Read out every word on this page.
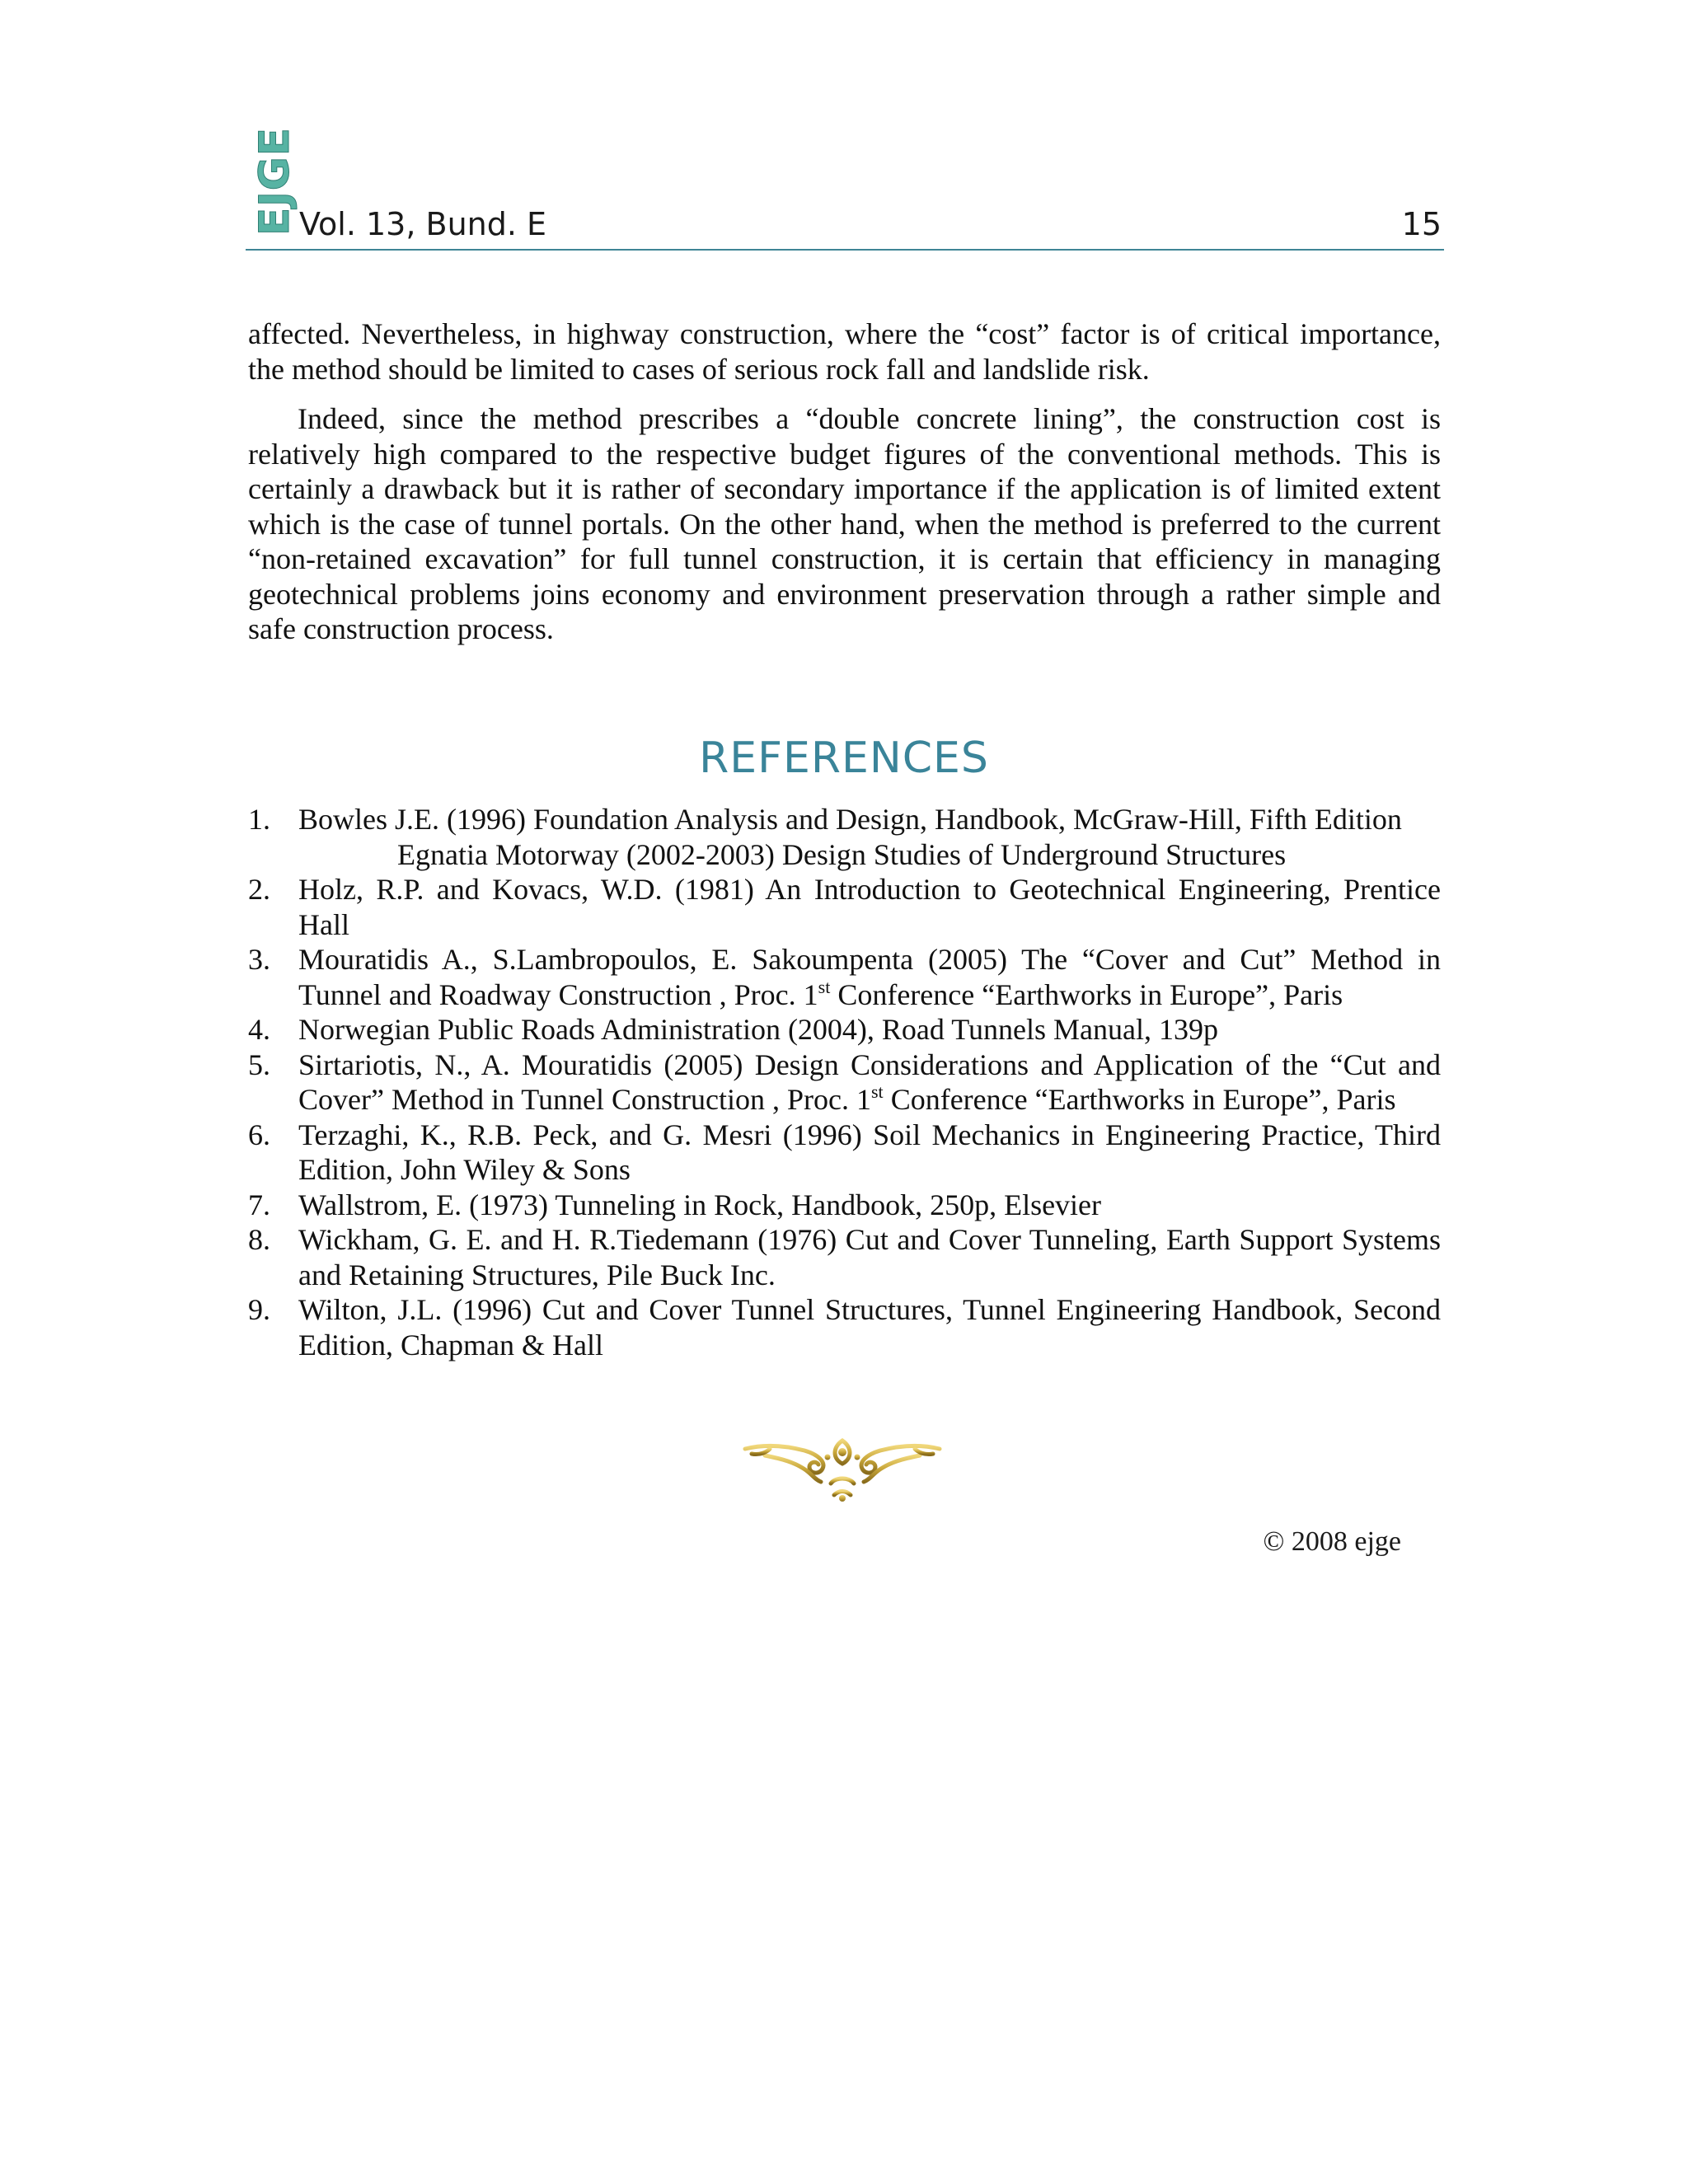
EJGE Vol. 13, Bund. E	15

affected. Nevertheless, in highway construction, where the “cost” factor is of critical importance, the method should be limited to cases of serious rock fall and landslide risk.

Indeed, since the method prescribes a “double concrete lining”, the construction cost is relatively high compared to the respective budget figures of the conventional methods. This is certainly a drawback but it is rather of secondary importance if the application is of limited extent which is the case of tunnel portals. On the other hand, when the method is preferred to the current “non-retained excavation” for full tunnel construction, it is certain that efficiency in managing geotechnical problems joins economy and environment preservation through a rather simple and safe construction process.

REFERENCES
1. Bowles J.E. (1996) Foundation Analysis and Design, Handbook, McGraw-Hill, Fifth Edition
Egnatia Motorway (2002-2003) Design Studies of Underground Structures
2. Holz, R.P. and Kovacs, W.D. (1981) An Introduction to Geotechnical Engineering, Prentice Hall
3. Mouratidis A., S.Lambropoulos, E. Sakoumpenta (2005) The “Cover and Cut” Method in Tunnel and Roadway Construction , Proc. 1st Conference “Earthworks in Europe”, Paris
4. Norwegian Public Roads Administration (2004), Road Tunnels Manual, 139p
5. Sirtariotis, N., A. Mouratidis (2005) Design Considerations and Application of the “Cut and Cover” Method in Tunnel Construction , Proc. 1st Conference “Earthworks in Europe”, Paris
6. Terzaghi, K., R.B. Peck, and G. Mesri (1996) Soil Mechanics in Engineering Practice, Third Edition, John Wiley & Sons
7. Wallstrom, E. (1973) Tunneling in Rock, Handbook, 250p, Elsevier
8. Wickham, G. E. and H. R.Tiedemann (1976) Cut and Cover Tunneling, Earth Support Systems and Retaining Structures, Pile Buck Inc.
9. Wilton, J.L. (1996) Cut and Cover Tunnel Structures, Tunnel Engineering Handbook, Second Edition, Chapman & Hall
© 2008 ejge
